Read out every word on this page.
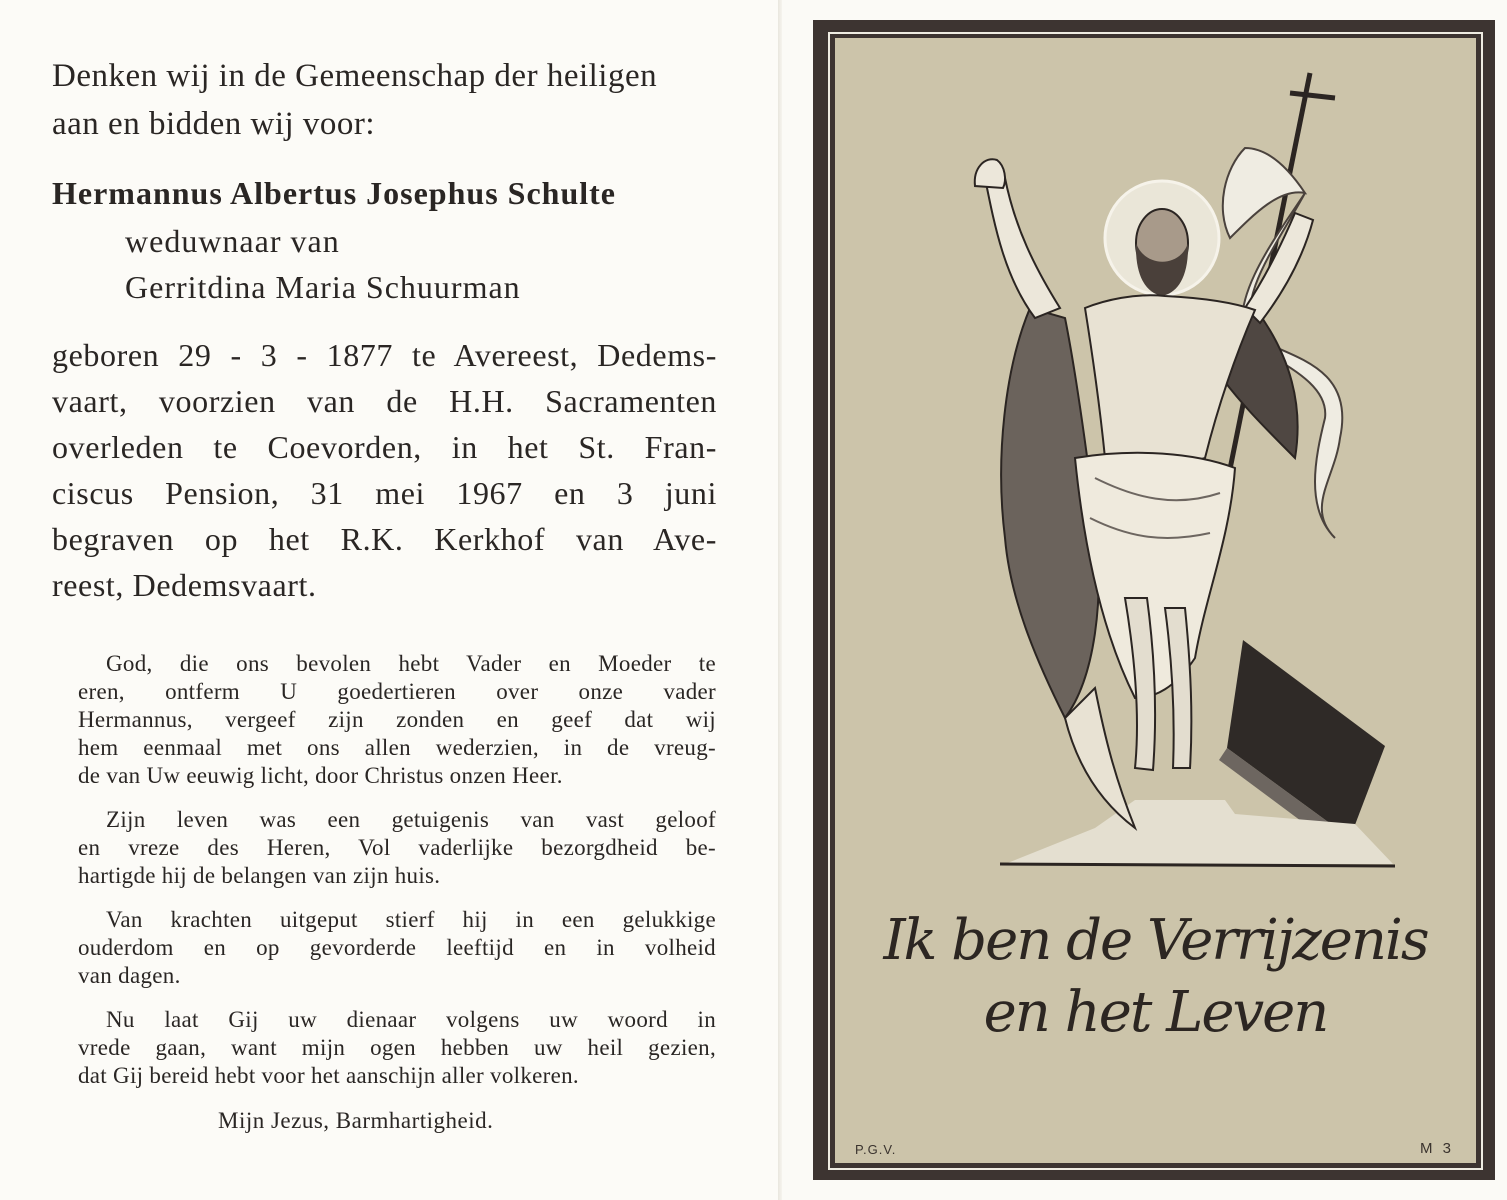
Denken wij in de Gemeenschap der heiligen

aan en bidden wij voor:

Hermannus Albertus Josephus Schulte

weduwnaar van

Gerritdina Maria Schuurman

geboren 29 - 3 - 1877 te Avereest, Dedems-

vaart, voorzien van de H.H. Sacramenten

overleden te Coevorden, in het St. Fran-

ciscus Pension, 31 mei 1967 en 3 juni

begraven op het R.K. Kerkhof van Ave-

reest, Dedemsvaart.

God, die ons bevolen hebt Vader en Moeder te
eren, ontferm U goedertieren over onze vader
Hermannus, vergeef zijn zonden en geef dat wij
hem eenmaal met ons allen wederzien, in de vreug-
de van Uw eeuwig licht, door Christus onzen Heer.
Zijn leven was een getuigenis van vast geloof
en vreze des Heren, Vol vaderlijke bezorgdheid be-
hartigde hij de belangen van zijn huis.
Van krachten uitgeput stierf hij in een gelukkige
ouderdom en op gevorderde leeftijd en in volheid
van dagen.
Nu laat Gij uw dienaar volgens uw woord in
vrede gaan, want mijn ogen hebben uw heil gezien,
dat Gij bereid hebt voor het aanschijn aller volkeren.
Mijn Jezus, Barmhartigheid.
Ik ben de Verrijzenis
en het Leven
P.G.V.	M 3
